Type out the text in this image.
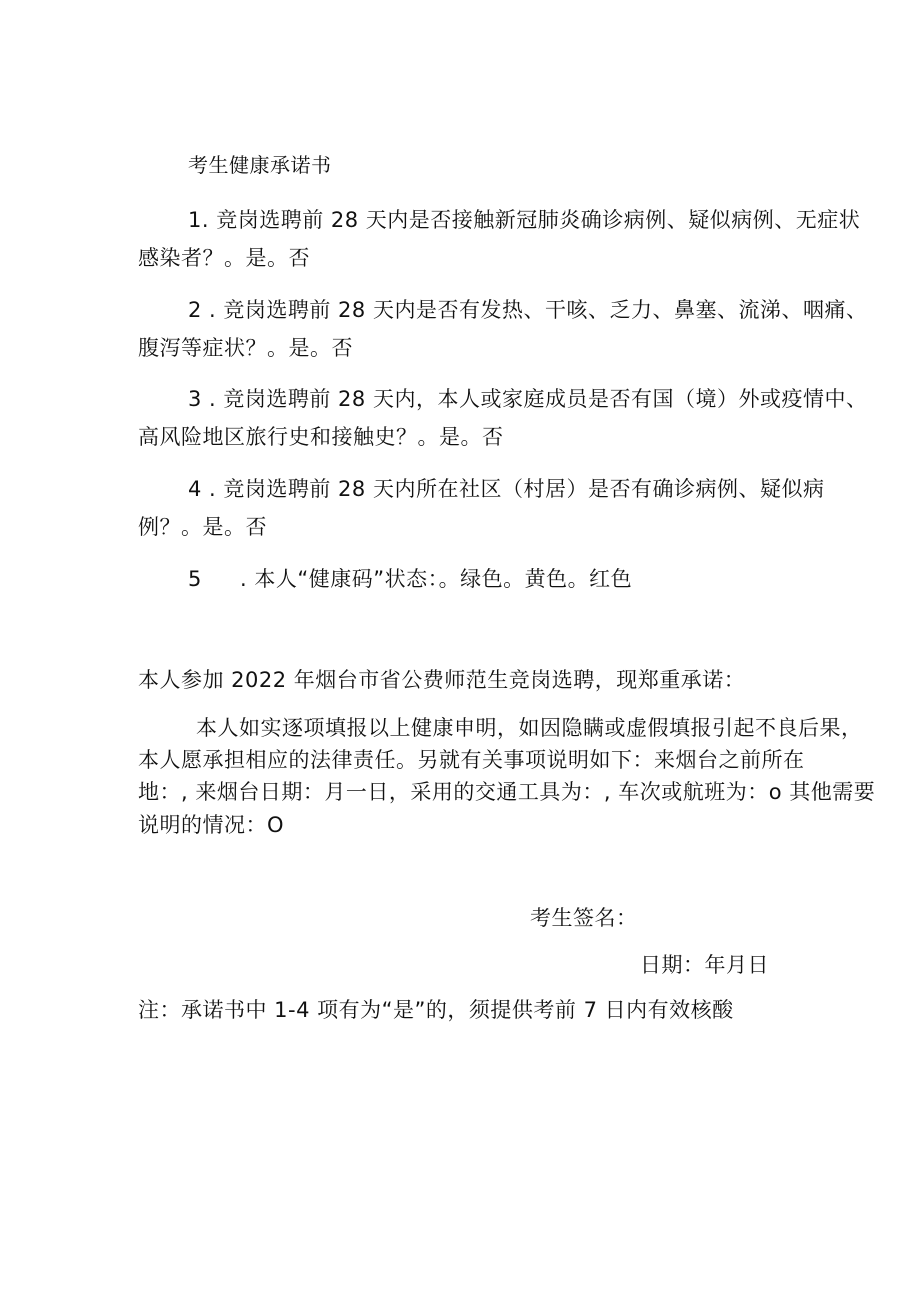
考生健康承诺书
1. 竞岗选聘前 28 天内是否接触新冠肺炎确诊病例、疑似病例、无症状
感染者？。是。否
2 . 竞岗选聘前 28 天内是否有发热、干咳、乏力、鼻塞、流涕、咽痛、
腹泻等症状？。是。否
3 . 竞岗选聘前 28 天内，本人或家庭成员是否有国（境）外或疫情中、
高风险地区旅行史和接触史？。是。否
4 . 竞岗选聘前 28 天内所在社区（村居）是否有确诊病例、疑似病
例？。是。否
5 . 本人“健康码”状态：。绿色。黄色。红色
本人参加 2022 年烟台市省公费师范生竞岗选聘，现郑重承诺：
本人如实逐项填报以上健康申明，如因隐瞒或虚假填报引起不良后果，
本人愿承担相应的法律责任。另就有关事项说明如下：来烟台之前所在
地：, 来烟台日期：月一日，采用的交通工具为：, 车次或航班为：o 其他需要
说明的情况：O
考生签名：
日期：年月日
注：承诺书中 1-4 项有为“是”的，须提供考前 7 日内有效核酸
